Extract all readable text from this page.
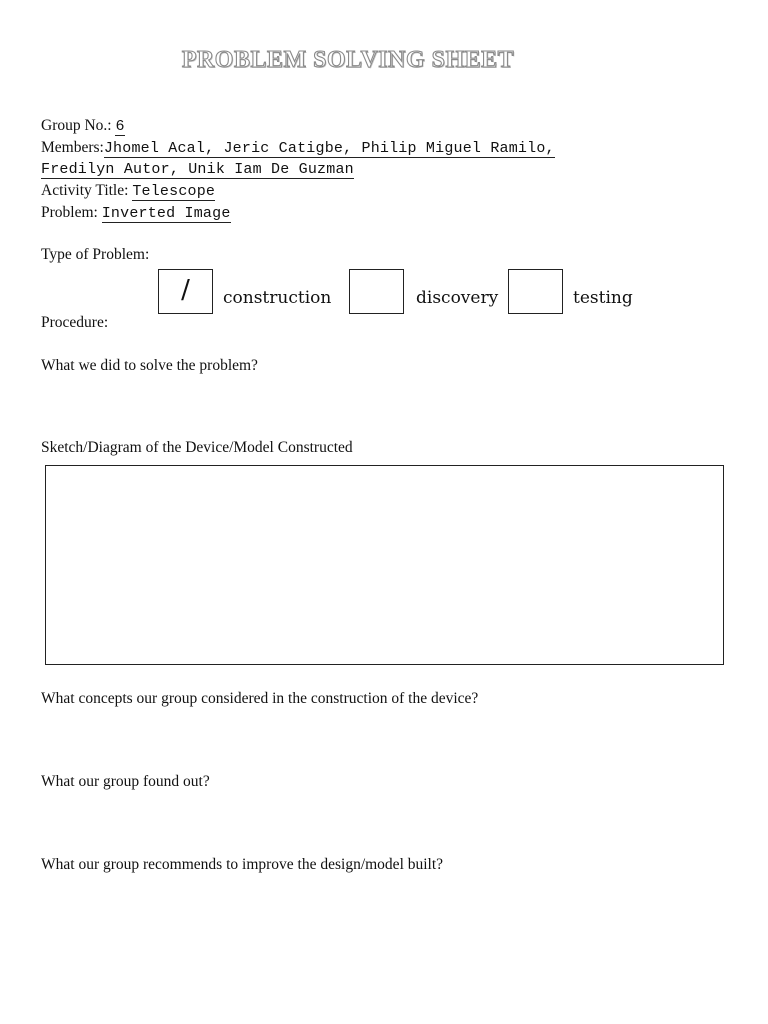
PROBLEM SOLVING SHEET
Group No.: 6
Members:Jhomel Acal, Jeric Catigbe, Philip Miguel Ramilo,
Fredilyn Autor, Unik Iam De Guzman
Activity Title: Telescope
Problem: Inverted Image
Type of Problem:
/	construction	discovery	testing
Procedure:
What we did to solve the problem?
Sketch/Diagram of the Device/Model Constructed
What concepts our group considered in the construction of the device?
What our group found out?
What our group recommends to improve the design/model built?
